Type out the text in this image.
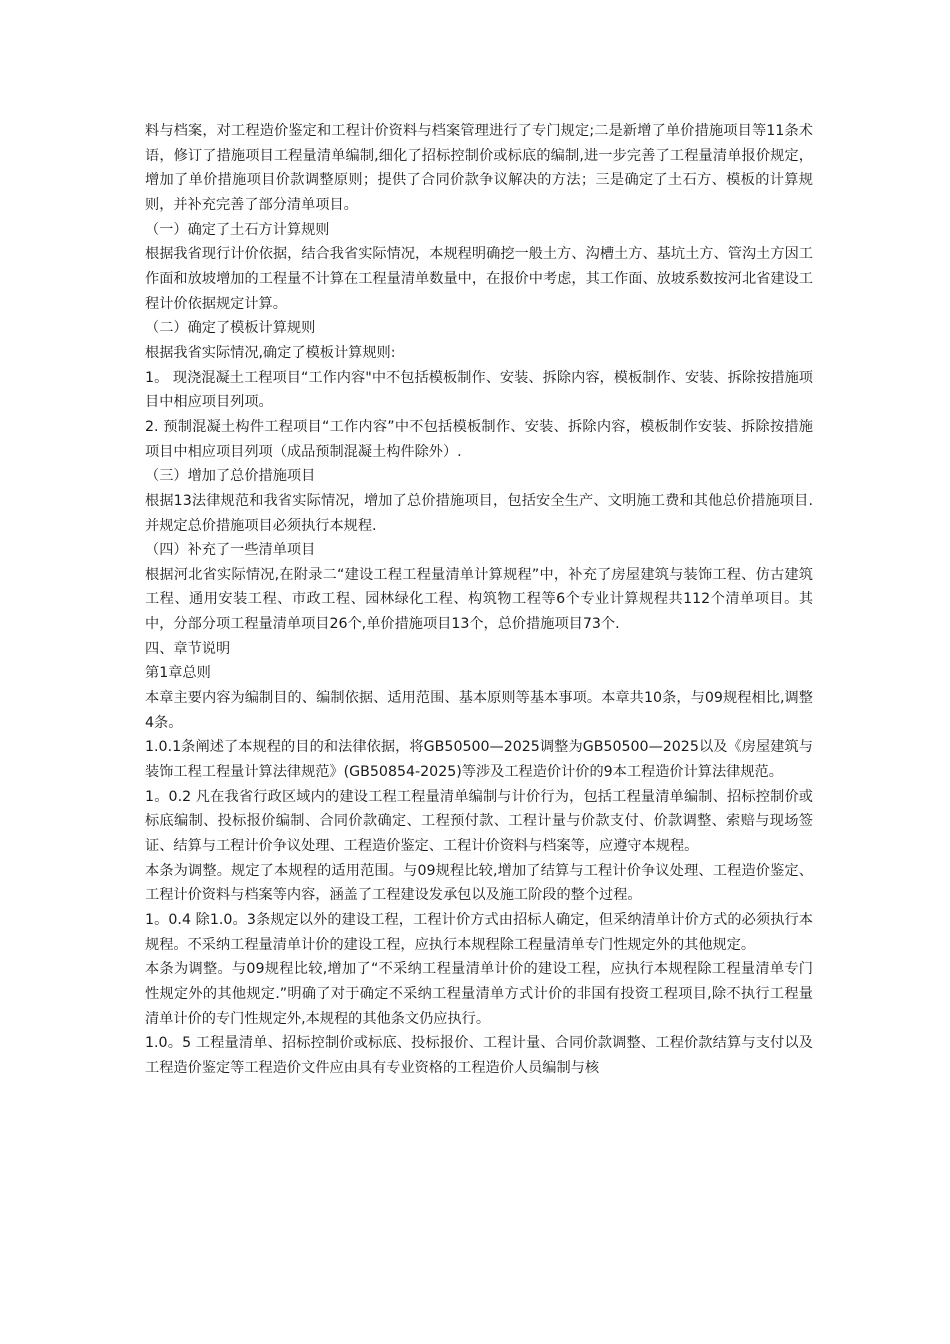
料与档案，对工程造价鉴定和工程计价资料与档案管理进行了专门规定;二是新增了单价措施项目等11条术语，修订了措施项目工程量清单编制,细化了招标控制价或标底的编制,进一步完善了工程量清单报价规定，增加了单价措施项目价款调整原则；提供了合同价款争议解决的方法；三是确定了土石方、模板的计算规则，并补充完善了部分清单项目。

（一）确定了土石方计算规则

根据我省现行计价依据，结合我省实际情况，本规程明确挖一般土方、沟槽土方、基坑土方、管沟土方因工作面和放坡增加的工程量不计算在工程量清单数量中，在报价中考虑，其工作面、放坡系数按河北省建设工程计价依据规定计算。

（二）确定了模板计算规则

根据我省实际情况,确定了模板计算规则:

1。 现浇混凝土工程项目“工作内容"中不包括模板制作、安装、拆除内容，模板制作、安装、拆除按措施项目中相应项目列项。

2. 预制混凝土构件工程项目“工作内容”中不包括模板制作、安装、拆除内容，模板制作安装、拆除按措施项目中相应项目列项（成品预制混凝土构件除外）.

（三）增加了总价措施项目

根据13法律规范和我省实际情况，增加了总价措施项目，包括安全生产、文明施工费和其他总价措施项目.并规定总价措施项目必须执行本规程.

（四）补充了一些清单项目

根据河北省实际情况,在附录二“建设工程工程量清单计算规程”中，补充了房屋建筑与装饰工程、仿古建筑工程、通用安装工程、市政工程、园林绿化工程、构筑物工程等6个专业计算规程共112个清单项目。其中，分部分项工程量清单项目26个,单价措施项目13个，总价措施项目73个.

四、章节说明

第1章总则

本章主要内容为编制目的、编制依据、适用范围、基本原则等基本事项。本章共10条，与09规程相比,调整4条。

1.0.1条阐述了本规程的目的和法律依据，将GB50500—2025调整为GB50500—2025以及《房屋建筑与装饰工程工程量计算法律规范》(GB50854-2025)等涉及工程造价计价的9本工程造价计算法律规范。

1。0.2 凡在我省行政区域内的建设工程工程量清单编制与计价行为，包括工程量清单编制、招标控制价或标底编制、投标报价编制、合同价款确定、工程预付款、工程计量与价款支付、价款调整、索赔与现场签证、结算与工程计价争议处理、工程造价鉴定、工程计价资料与档案等，应遵守本规程。

本条为调整。规定了本规程的适用范围。与09规程比较,增加了结算与工程计价争议处理、工程造价鉴定、工程计价资料与档案等内容，涵盖了工程建设发承包以及施工阶段的整个过程。

1。0.4 除1.0。3条规定以外的建设工程，工程计价方式由招标人确定，但采纳清单计价方式的必须执行本规程。不采纳工程量清单计价的建设工程，应执行本规程除工程量清单专门性规定外的其他规定。

本条为调整。与09规程比较,增加了“不采纳工程量清单计价的建设工程，应执行本规程除工程量清单专门性规定外的其他规定.”明确了对于确定不采纳工程量清单方式计价的非国有投资工程项目,除不执行工程量清单计价的专门性规定外,本规程的其他条文仍应执行。

1.0。5 工程量清单、招标控制价或标底、投标报价、工程计量、合同价款调整、工程价款结算与支付以及工程造价鉴定等工程造价文件应由具有专业资格的工程造价人员编制与核
